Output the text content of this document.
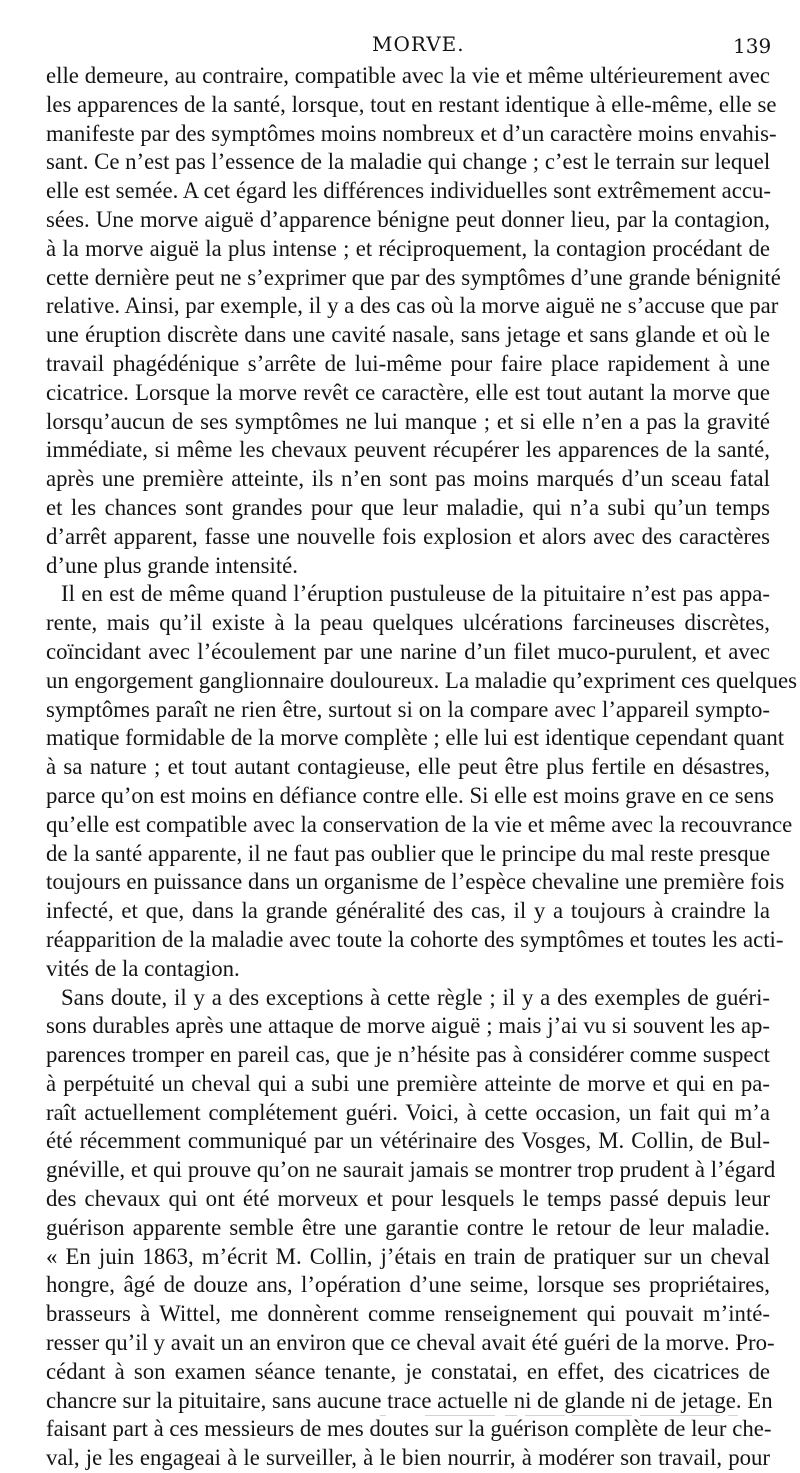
MORVE.	139
elle demeure, au contraire, compatible avec la vie et même ultérieurement avec
les apparences de la santé, lorsque, tout en restant identique à elle-même, elle se
manifeste par des symptômes moins nombreux et d’un caractère moins envahis-
sant. Ce n’est pas l’essence de la maladie qui change ; c’est le terrain sur lequel
elle est semée. A cet égard les différences individuelles sont extrêmement accu-
sées. Une morve aiguë d’apparence bénigne peut donner lieu, par la contagion,
à la morve aiguë la plus intense ; et réciproquement, la contagion procédant de
cette dernière peut ne s’exprimer que par des symptômes d’une grande bénignité
relative. Ainsi, par exemple, il y a des cas où la morve aiguë ne s’accuse que par
une éruption discrète dans une cavité nasale, sans jetage et sans glande et où le
travail phagédénique s’arrête de lui-même pour faire place rapidement à une
cicatrice. Lorsque la morve revêt ce caractère, elle est tout autant la morve que
lorsqu’aucun de ses symptômes ne lui manque ; et si elle n’en a pas la gravité
immédiate, si même les chevaux peuvent récupérer les apparences de la santé,
après une première atteinte, ils n’en sont pas moins marqués d’un sceau fatal
et les chances sont grandes pour que leur maladie, qui n’a subi qu’un temps
d’arrêt apparent, fasse une nouvelle fois explosion et alors avec des caractères
d’une plus grande intensité.
Il en est de même quand l’éruption pustuleuse de la pituitaire n’est pas appa-
rente, mais qu’il existe à la peau quelques ulcérations farcineuses discrètes,
coïncidant avec l’écoulement par une narine d’un filet muco-purulent, et avec
un engorgement ganglionnaire douloureux. La maladie qu’expriment ces quelques
symptômes paraît ne rien être, surtout si on la compare avec l’appareil sympto-
matique formidable de la morve complète ; elle lui est identique cependant quant
à sa nature ; et tout autant contagieuse, elle peut être plus fertile en désastres,
parce qu’on est moins en défiance contre elle. Si elle est moins grave en ce sens
qu’elle est compatible avec la conservation de la vie et même avec la recouvrance
de la santé apparente, il ne faut pas oublier que le principe du mal reste presque
toujours en puissance dans un organisme de l’espèce chevaline une première fois
infecté, et que, dans la grande généralité des cas, il y a toujours à craindre la
réapparition de la maladie avec toute la cohorte des symptômes et toutes les acti-
vités de la contagion.
Sans doute, il y a des exceptions à cette règle ; il y a des exemples de guéri-
sons durables après une attaque de morve aiguë ; mais j’ai vu si souvent les ap-
parences tromper en pareil cas, que je n’hésite pas à considérer comme suspect
à perpétuité un cheval qui a subi une première atteinte de morve et qui en pa-
raît actuellement complétement guéri. Voici, à cette occasion, un fait qui m’a
été récemment communiqué par un vétérinaire des Vosges, M. Collin, de Bul-
gnéville, et qui prouve qu’on ne saurait jamais se montrer trop prudent à l’égard
des chevaux qui ont été morveux et pour lesquels le temps passé depuis leur
guérison apparente semble être une garantie contre le retour de leur maladie.
« En juin 1863, m’écrit M. Collin, j’étais en train de pratiquer sur un cheval
hongre, âgé de douze ans, l’opération d’une seime, lorsque ses propriétaires,
brasseurs à Wittel, me donnèrent comme renseignement qui pouvait m’inté-
resser qu’il y avait un an environ que ce cheval avait été guéri de la morve. Pro-
cédant à son examen séance tenante, je constatai, en effet, des cicatrices de
chancre sur la pituitaire, sans aucune trace actuelle ni de glande ni de jetage. En
faisant part à ces messieurs de mes doutes sur la guérison complète de leur che-
val, je les engageai à le surveiller, à le bien nourrir, à modérer son travail, pour
